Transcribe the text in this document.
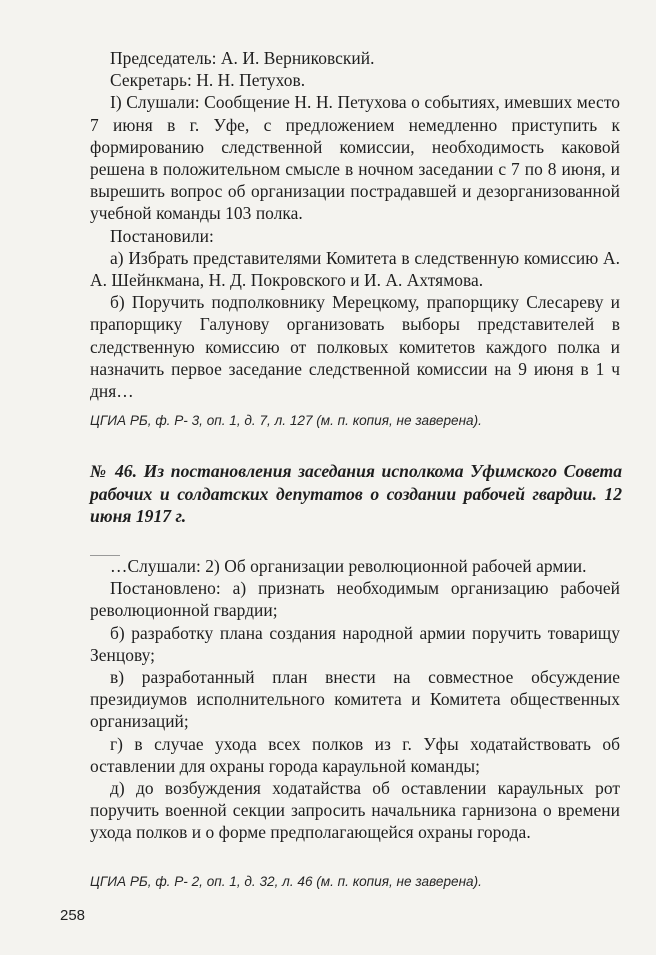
Председатель: А. И. Верниковский.

Секретарь: Н. Н. Петухов.

I) Слушали: Сообщение Н. Н. Петухова о событиях, имевших место 7 июня в г. Уфе, с предложением немедленно приступить к формированию следственной комиссии, необходимость каковой решена в положительном смысле в ночном заседании с 7 по 8 июня, и вырешить вопрос об организации пострадавшей и дезорганизованной учебной команды 103 полка.

Постановили:

а) Избрать представителями Комитета в следственную комиссию А. А. Шейнкмана, Н. Д. Покровского и И. А. Ахтямова.

б) Поручить подполковнику Мерецкому, прапорщику Слесареву и прапорщику Галунову организовать выборы представителей в следственную комиссию от полковых комитетов каждого полка и назначить первое заседание следственной комиссии на 9 июня в 1 ч дня…

ЦГИА РБ, ф. Р- 3, оп. 1, д. 7, л. 127 (м. п. копия, не заверена).

№ 46. Из постановления заседания исполкома Уфимского Совета рабочих и солдатских депутатов о создании рабочей гвардии. 12 июня 1917 г.

…Слушали: 2) Об организации революционной рабочей армии.

Постановлено: а) признать необходимым организацию рабочей революционной гвардии;

б) разработку плана создания народной армии поручить товарищу Зенцову;

в) разработанный план внести на совместное обсуждение президиумов исполнительного комитета и Комитета общественных организаций;

г) в случае ухода всех полков из г. Уфы ходатайствовать об оставлении для охраны города караульной команды;

д) до возбуждения ходатайства об оставлении караульных рот поручить военной секции запросить начальника гарнизона о времени ухода полков и о форме предполагающейся охраны города.

ЦГИА РБ, ф. Р- 2, оп. 1, д. 32, л. 46 (м. п. копия, не заверена).

258
